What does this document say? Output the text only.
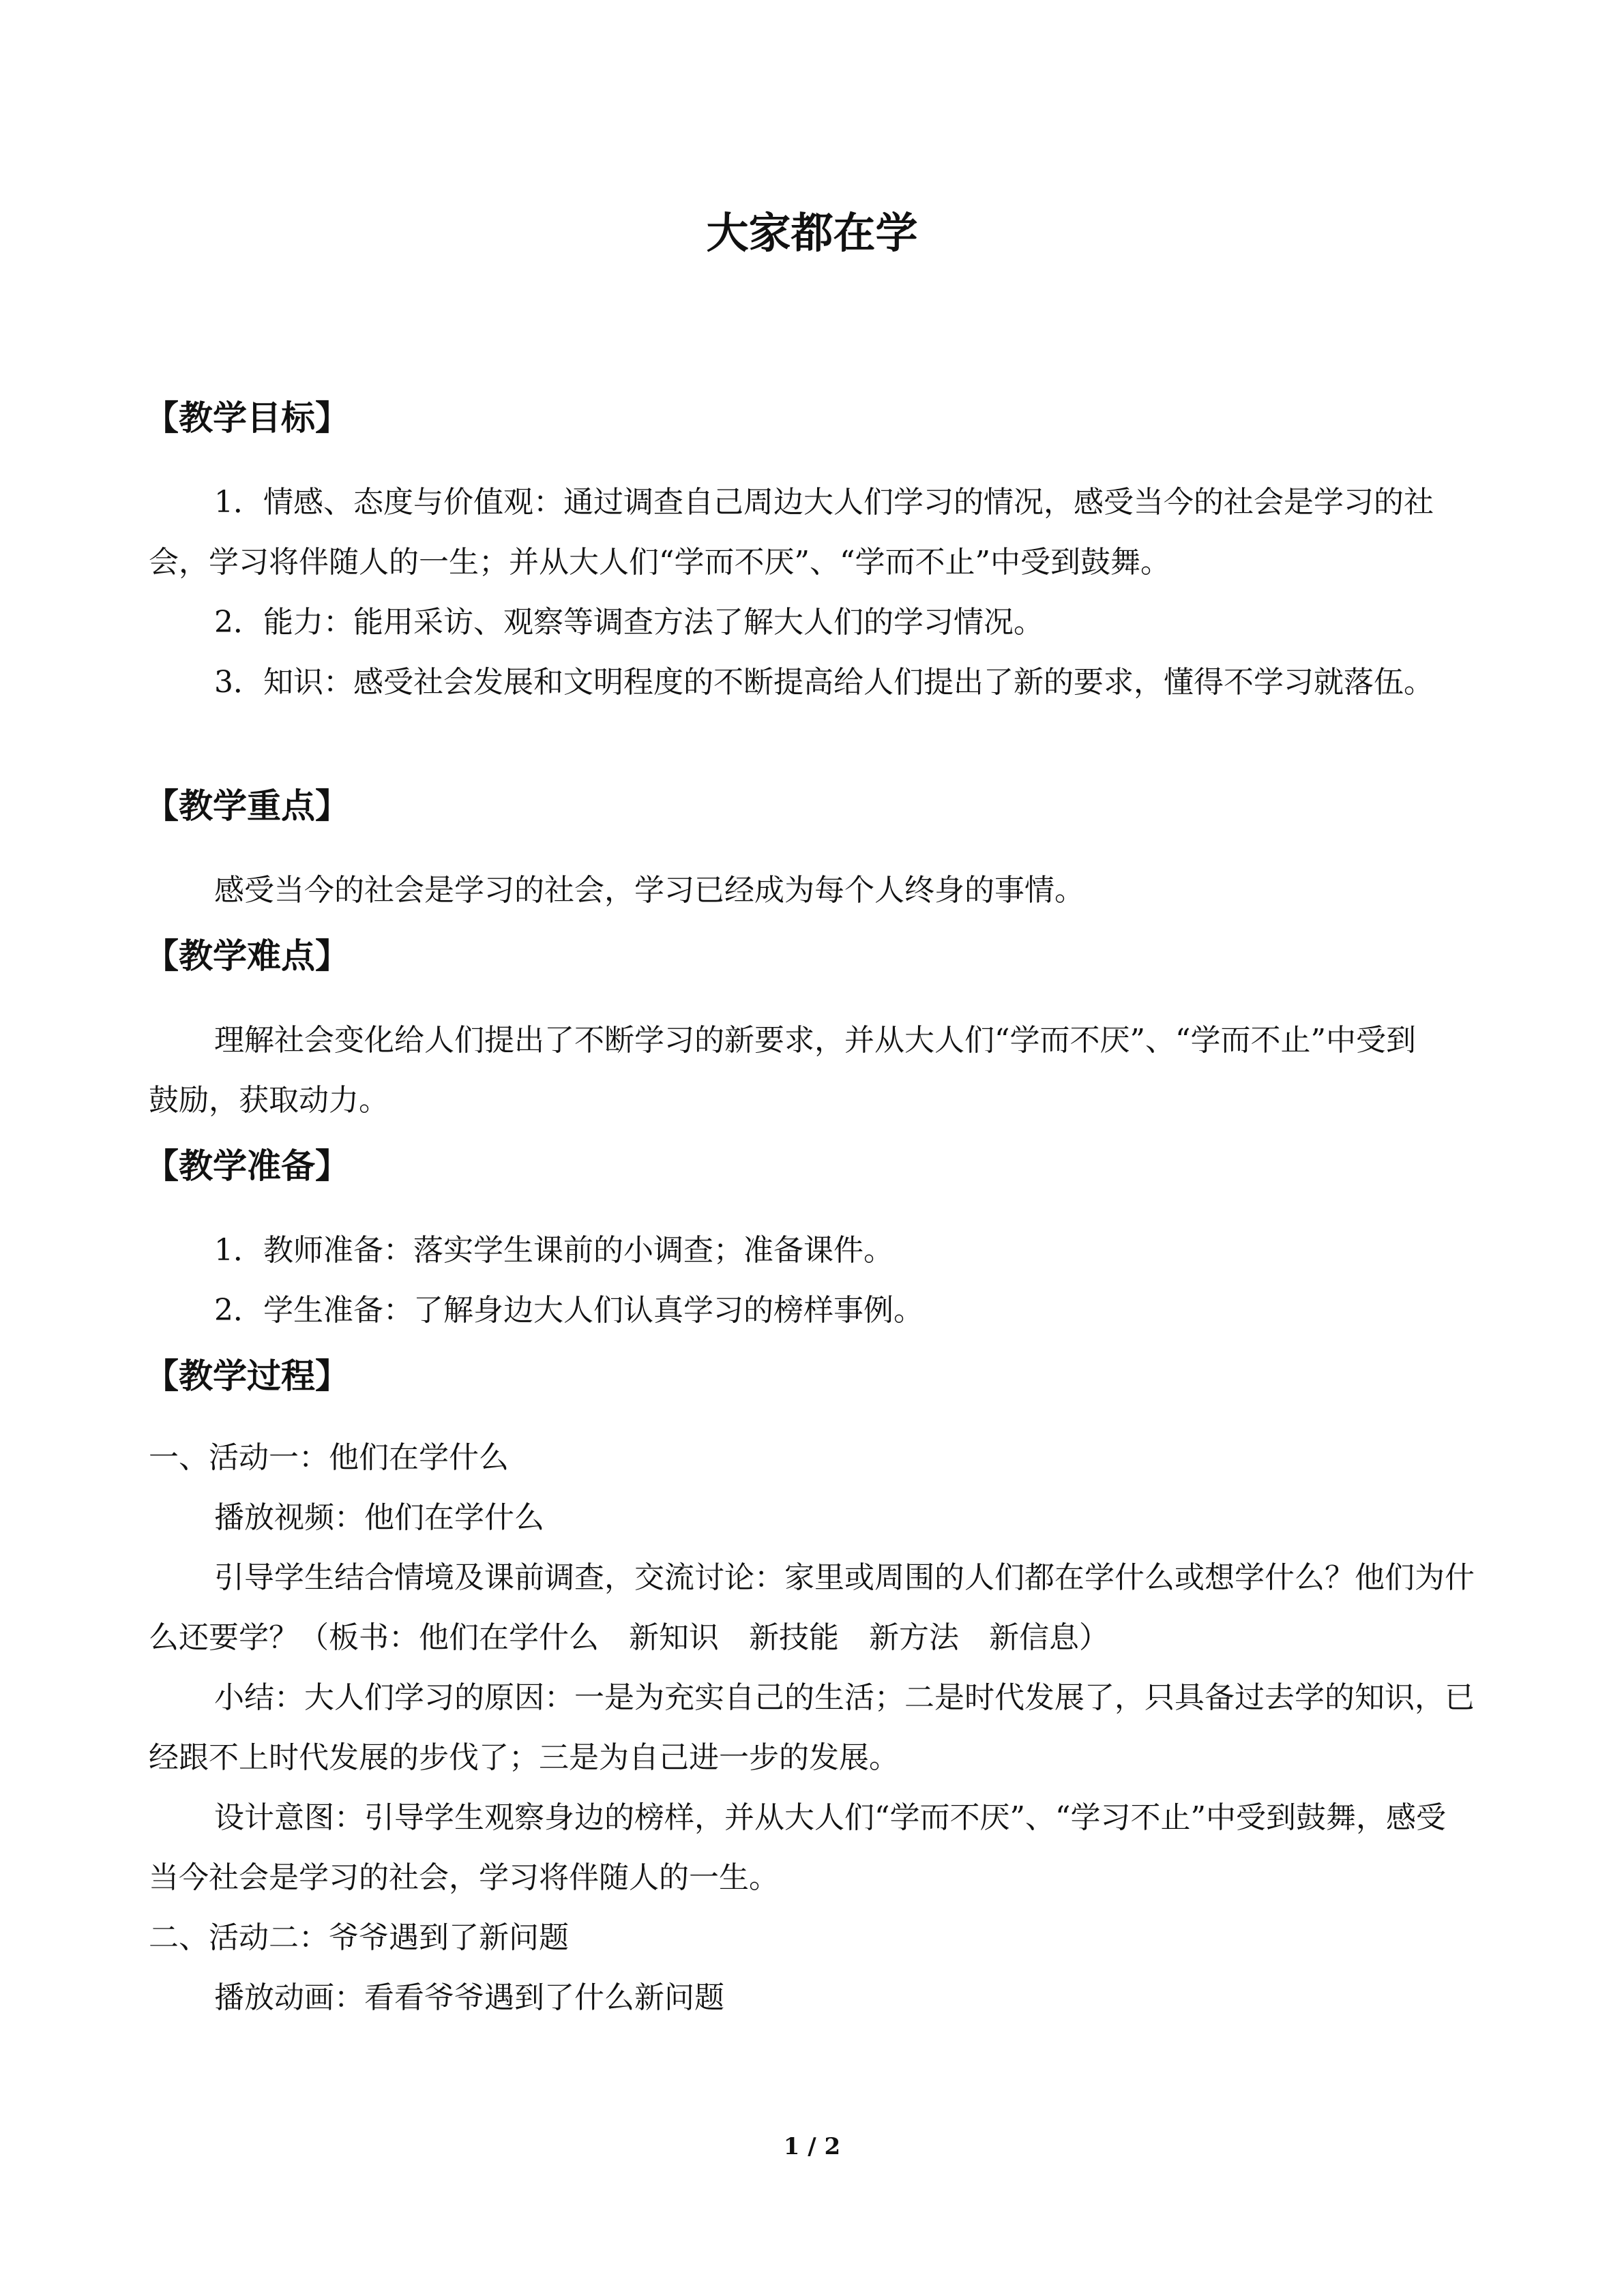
大家都在学
【教学目标】
1．情感、态度与价值观：通过调查自己周边大人们学习的情况，感受当今的社会是学习的社会，学习将伴随人的一生；并从大人们“学而不厌”、“学而不止”中受到鼓舞。
2．能力：能用采访、观察等调查方法了解大人们的学习情况。
3．知识：感受社会发展和文明程度的不断提高给人们提出了新的要求，懂得不学习就落伍。
【教学重点】
感受当今的社会是学习的社会，学习已经成为每个人终身的事情。
【教学难点】
理解社会变化给人们提出了不断学习的新要求，并从大人们“学而不厌”、“学而不止”中受到鼓励，获取动力。
【教学准备】
1．教师准备：落实学生课前的小调查；准备课件。
2．学生准备：了解身边大人们认真学习的榜样事例。
【教学过程】
一、活动一：他们在学什么
播放视频：他们在学什么
引导学生结合情境及课前调查，交流讨论：家里或周围的人们都在学什么或想学什么？他们为什么还要学？（板书：他们在学什么　新知识　新技能　新方法　新信息）
小结：大人们学习的原因：一是为充实自己的生活；二是时代发展了，只具备过去学的知识，已经跟不上时代发展的步伐了；三是为自己进一步的发展。
设计意图：引导学生观察身边的榜样，并从大人们“学而不厌”、“学习不止”中受到鼓舞，感受当今社会是学习的社会，学习将伴随人的一生。
二、活动二：爷爷遇到了新问题
播放动画：看看爷爷遇到了什么新问题
1 / 2
